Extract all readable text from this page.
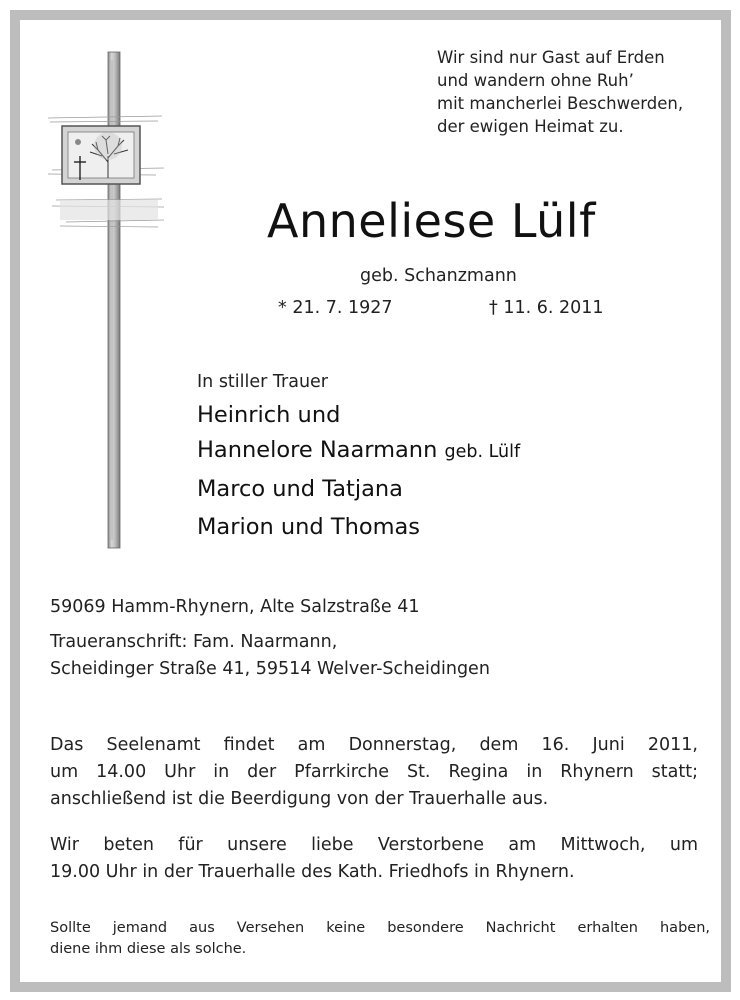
Wir sind nur Gast auf Erden
und wandern ohne Ruh’
mit mancherlei Beschwerden,
der ewigen Heimat zu.
Anneliese Lülf
geb. Schanzmann
* 21. 7. 1927	† 11. 6. 2011
In stiller Trauer
Heinrich und
Hannelore Naarmann geb. Lülf
Marco und Tatjana
Marion und Thomas
59069 Hamm-Rhynern, Alte Salzstraße 41
Traueranschrift: Fam. Naarmann,
Scheidinger Straße 41, 59514 Welver-Scheidingen
Das Seelenamt findet am Donnerstag, dem 16. Juni 2011,
um 14.00 Uhr in der Pfarrkirche St. Regina in Rhynern statt;
anschließend ist die Beerdigung von der Trauerhalle aus.
Wir beten für unsere liebe Verstorbene am Mittwoch, um
19.00 Uhr in der Trauerhalle des Kath. Friedhofs in Rhynern.
Sollte jemand aus Versehen keine besondere Nachricht erhalten haben,
diene ihm diese als solche.
